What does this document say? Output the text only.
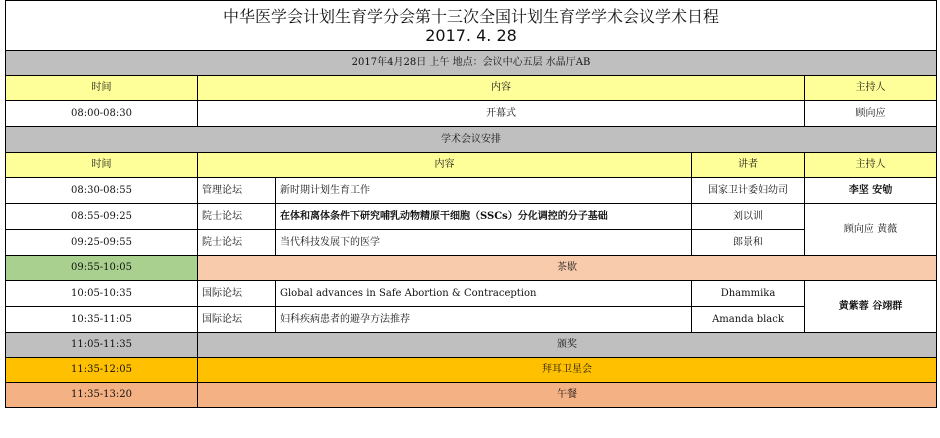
中华医学会计划生育学分会第十三次全国计划生育学学术会议学术日程
2017. 4. 28				

2017年4月28日 上午 地点：会议中心五层 水晶厅AB				
时间	内容			主持人
08:00-08:30	开幕式			顾向应
学术会议安排				
时间	内容		讲者	主持人
08:30-08:55	管理论坛	新时期计划生育工作	国家卫计委妇幼司	李坚 安劬
08:55-09:25	院士论坛	在体和离体条件下研究哺乳动物精原干细胞（SSCs）分化调控的分子基础	刘以训	顾向应 黄薇
09:25-09:55	院士论坛	当代科技发展下的医学	郎景和	
09:55-10:05	茶歇			
10:05-10:35	国际论坛	Global advances in Safe Abortion & Contraception	Dhammika	黄紫蓉 谷翊群
10:35-11:05	国际论坛	妇科疾病患者的避孕方法推荐	Amanda black	
11:05-11:35	颁奖			
11:35-12:05	拜耳卫星会			
11:35-13:20	午餐			
